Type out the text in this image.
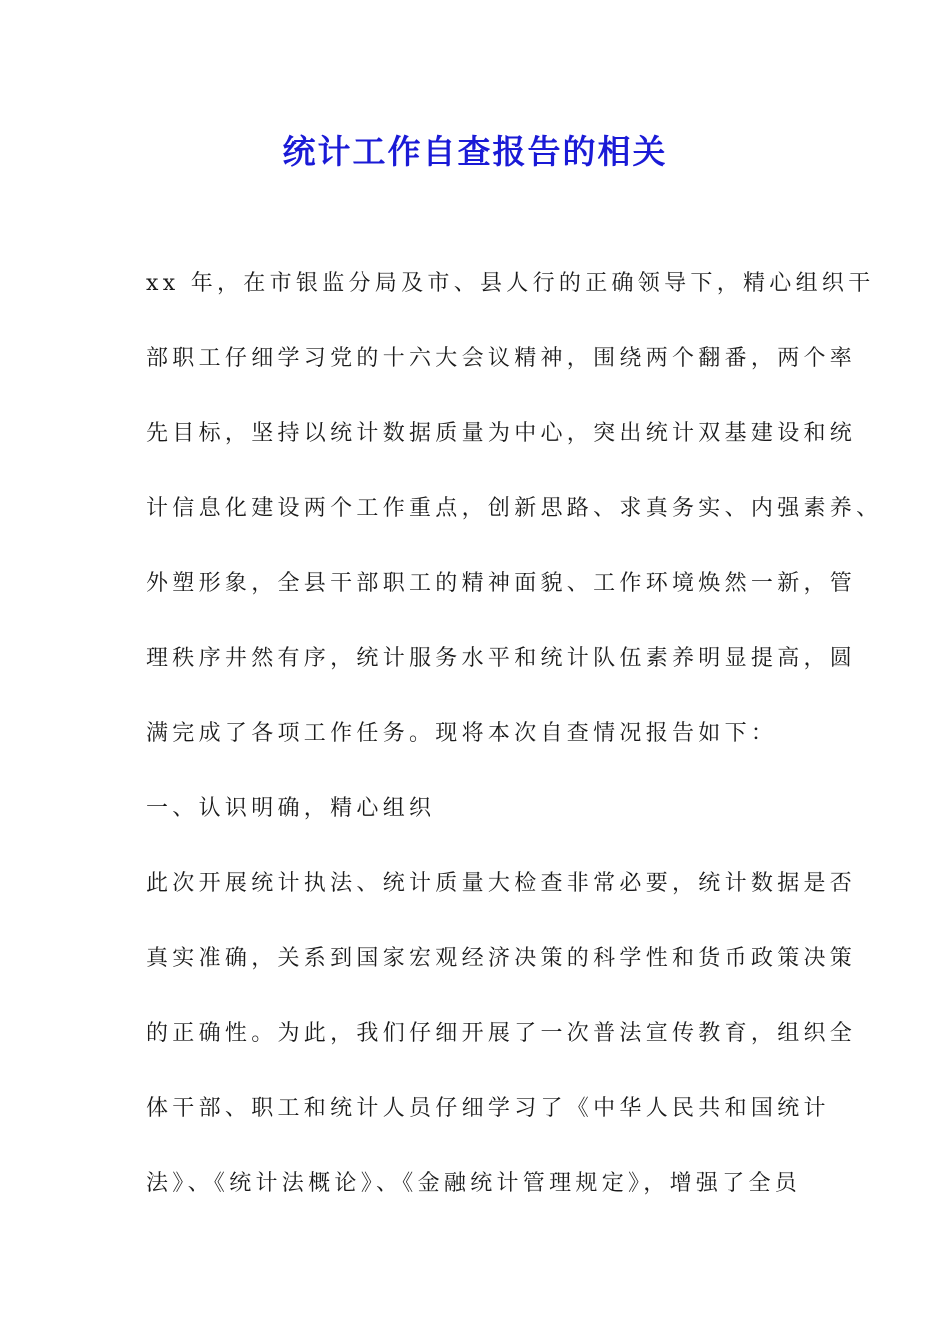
统计工作自查报告的相关
xx 年，在市银监分局及市、县人行的正确领导下，精心组织干
部职工仔细学习党的十六大会议精神，围绕两个翻番，两个率
先目标，坚持以统计数据质量为中心，突出统计双基建设和统
计信息化建设两个工作重点，创新思路、求真务实、内强素养、
外塑形象，全县干部职工的精神面貌、工作环境焕然一新，管
理秩序井然有序，统计服务水平和统计队伍素养明显提高，圆
满完成了各项工作任务。现将本次自查情况报告如下：
一、认识明确，精心组织
此次开展统计执法、统计质量大检查非常必要，统计数据是否
真实准确，关系到国家宏观经济决策的科学性和货币政策决策
的正确性。为此，我们仔细开展了一次普法宣传教育，组织全
体干部、职工和统计人员仔细学习了《中华人民共和国统计
法》、《统计法概论》、《金融统计管理规定》，增强了全员
